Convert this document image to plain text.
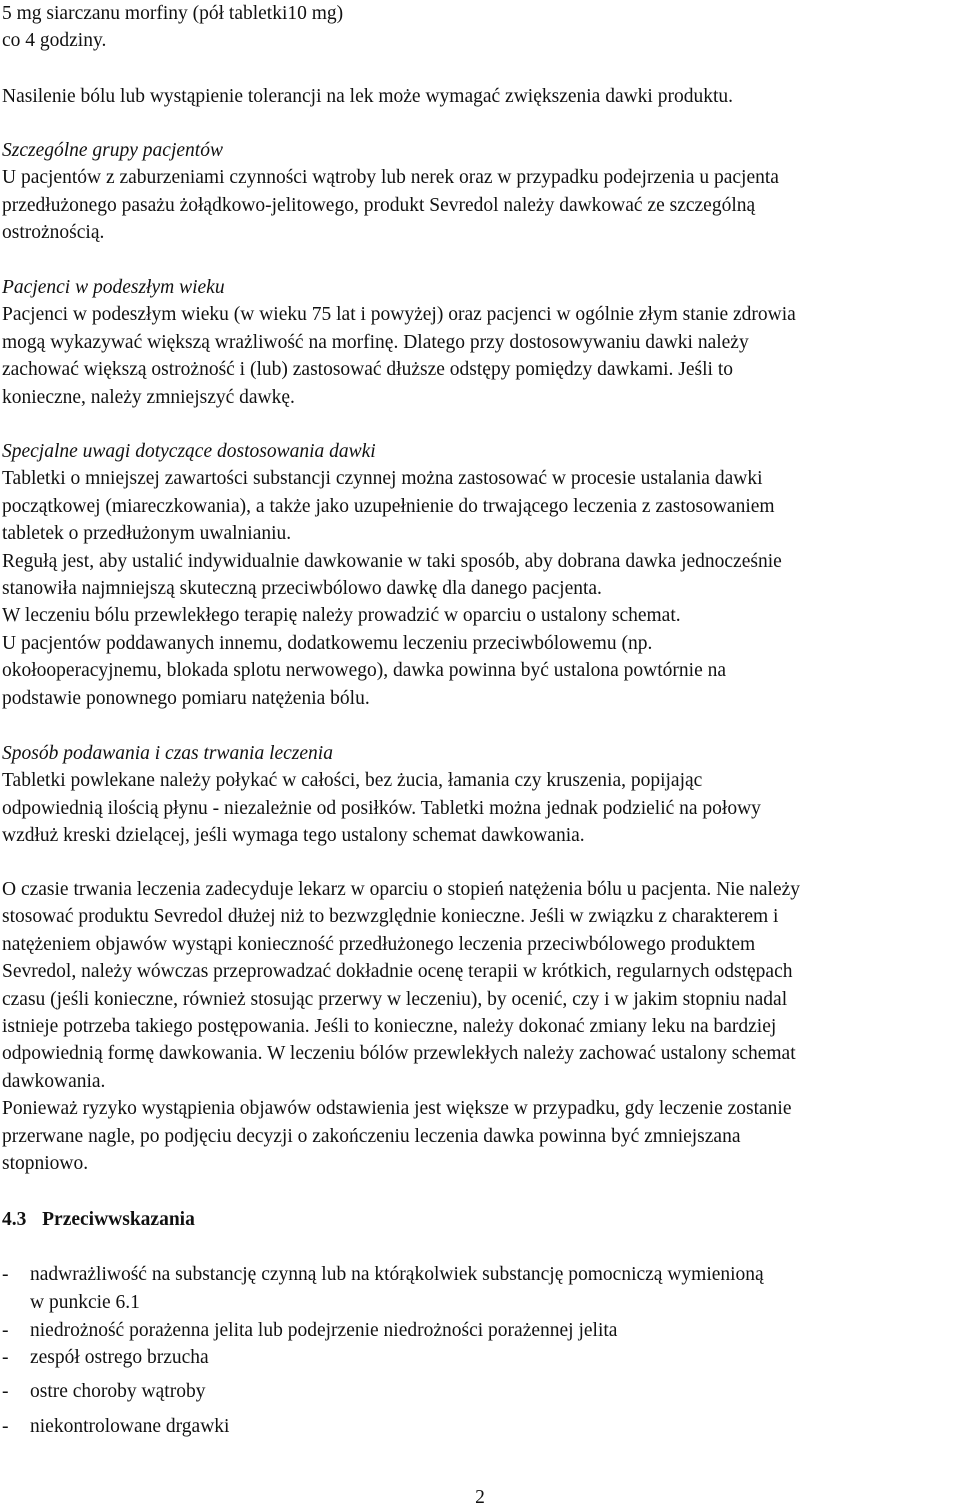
5 mg siarczanu morfiny (pół tabletki10 mg)
co 4 godziny.
Nasilenie bólu lub wystąpienie tolerancji na lek może wymagać zwiększenia dawki produktu.
Szczególne grupy pacjentów
U pacjentów z zaburzeniami czynności wątroby lub nerek oraz w przypadku podejrzenia u pacjenta
przedłużonego pasażu żołądkowo-jelitowego, produkt Sevredol należy dawkować ze szczególną
ostrożnością.
Pacjenci w podeszłym wieku
Pacjenci w podeszłym wieku (w wieku 75 lat i powyżej) oraz pacjenci w ogólnie złym stanie zdrowia
mogą wykazywać większą wrażliwość na morfinę. Dlatego przy dostosowywaniu dawki należy
zachować większą ostrożność i (lub) zastosować dłuższe odstępy pomiędzy dawkami. Jeśli to
konieczne, należy zmniejszyć dawkę.
Specjalne uwagi dotyczące dostosowania dawki
Tabletki o mniejszej zawartości substancji czynnej można zastosować w procesie ustalania dawki
początkowej (miareczkowania), a także jako uzupełnienie do trwającego leczenia z zastosowaniem
tabletek o przedłużonym uwalnianiu.
Regułą jest, aby ustalić indywidualnie dawkowanie w taki sposób, aby dobrana dawka jednocześnie
stanowiła najmniejszą skuteczną przeciwbólowo dawkę dla danego pacjenta.
W leczeniu bólu przewlekłego terapię należy prowadzić w oparciu o ustalony schemat.
U pacjentów poddawanych innemu, dodatkowemu leczeniu przeciwbólowemu (np.
okołooperacyjnemu, blokada splotu nerwowego), dawka powinna być ustalona powtórnie na
podstawie ponownego pomiaru natężenia bólu.
Sposób podawania i czas trwania leczenia
Tabletki powlekane należy połykać w całości, bez żucia, łamania czy kruszenia, popijając
odpowiednią ilością płynu - niezależnie od posiłków. Tabletki można jednak podzielić na połowy
wzdłuż kreski dzielącej, jeśli wymaga tego ustalony schemat dawkowania.
O czasie trwania leczenia zadecyduje lekarz w oparciu o stopień natężenia bólu u pacjenta. Nie należy
stosować produktu Sevredol dłużej niż to bezwzględnie konieczne. Jeśli w związku z charakterem i
natężeniem objawów wystąpi konieczność przedłużonego leczenia przeciwbólowego produktem
Sevredol, należy wówczas przeprowadzać dokładnie ocenę terapii w krótkich, regularnych odstępach
czasu (jeśli konieczne, również stosując przerwy w leczeniu), by ocenić, czy i w jakim stopniu nadal
istnieje potrzeba takiego postępowania. Jeśli to konieczne, należy dokonać zmiany leku na bardziej
odpowiednią formę dawkowania. W leczeniu bólów przewlekłych należy zachować ustalony schemat
dawkowania.
Ponieważ ryzyko wystąpienia objawów odstawienia jest większe w przypadku, gdy leczenie zostanie
przerwane nagle, po podjęciu decyzji o zakończeniu leczenia dawka powinna być zmniejszana
stopniowo.
4.3 Przeciwwskazania
- nadwrażliwość na substancję czynną lub na którąkolwiek substancję pomocniczą wymienioną
w punkcie 6.1
- niedrożność porażenna jelita lub podejrzenie niedrożności porażennej jelita
- zespół ostrego brzucha
- ostre choroby wątroby
- niekontrolowane drgawki
2
